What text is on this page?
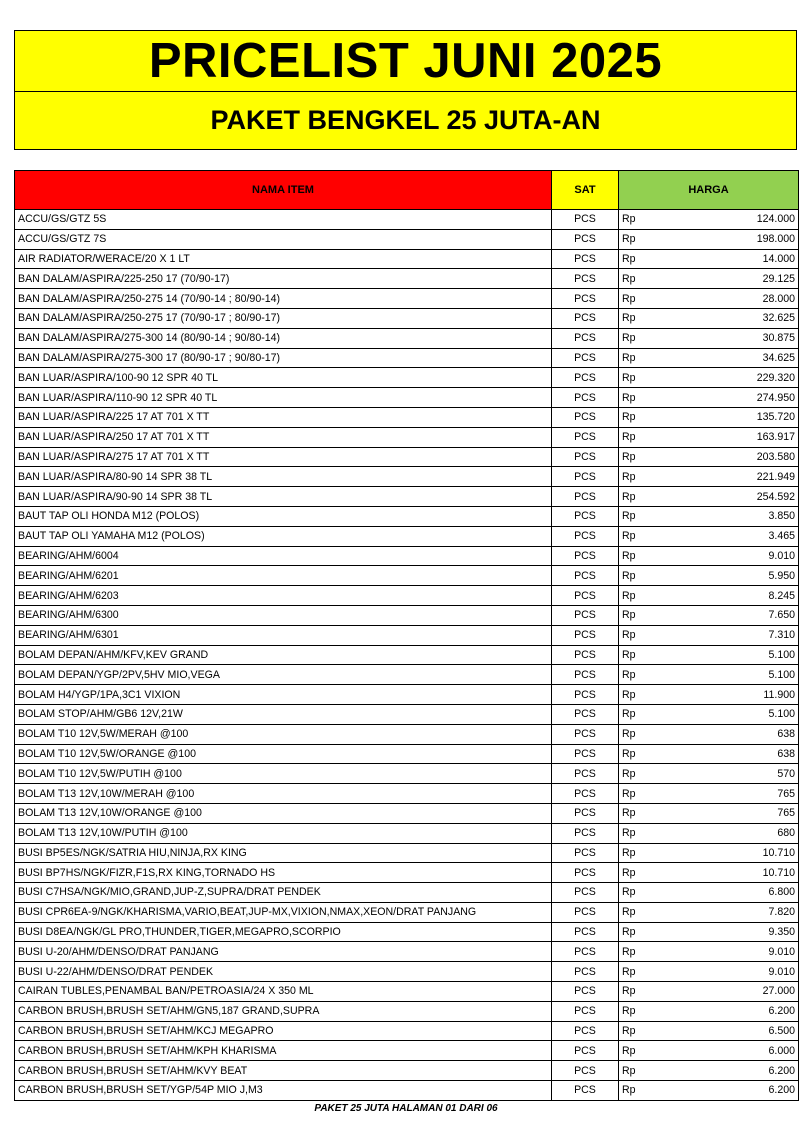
PRICELIST JUNI 2025
PAKET BENGKEL 25 JUTA-AN
NAMA ITEM	SAT	HARGA
ACCU/GS/GTZ 5S	PCS	Rp 124.000

ACCU/GS/GTZ 7S	PCS	Rp 198.000

AIR RADIATOR/WERACE/20 X 1 LT	PCS	Rp 14.000

BAN DALAM/ASPIRA/225-250 17 (70/90-17)	PCS	Rp 29.125

BAN DALAM/ASPIRA/250-275 14 (70/90-14 ; 80/90-14)	PCS	Rp 28.000

BAN DALAM/ASPIRA/250-275 17 (70/90-17 ; 80/90-17)	PCS	Rp 32.625

BAN DALAM/ASPIRA/275-300 14 (80/90-14 ; 90/80-14)	PCS	Rp 30.875

BAN DALAM/ASPIRA/275-300 17 (80/90-17 ; 90/80-17)	PCS	Rp 34.625

BAN LUAR/ASPIRA/100-90 12 SPR 40 TL	PCS	Rp 229.320

BAN LUAR/ASPIRA/110-90 12 SPR 40 TL	PCS	Rp 274.950

BAN LUAR/ASPIRA/225 17 AT 701 X TT	PCS	Rp 135.720

BAN LUAR/ASPIRA/250 17 AT 701 X TT	PCS	Rp 163.917

BAN LUAR/ASPIRA/275 17 AT 701 X TT	PCS	Rp 203.580

BAN LUAR/ASPIRA/80-90 14 SPR 38 TL	PCS	Rp 221.949

BAN LUAR/ASPIRA/90-90 14 SPR 38 TL	PCS	Rp 254.592

BAUT TAP OLI HONDA M12 (POLOS)	PCS	Rp 3.850

BAUT TAP OLI YAMAHA M12 (POLOS)	PCS	Rp 3.465

BEARING/AHM/6004	PCS	Rp 9.010

BEARING/AHM/6201	PCS	Rp 5.950

BEARING/AHM/6203	PCS	Rp 8.245

BEARING/AHM/6300	PCS	Rp 7.650

BEARING/AHM/6301	PCS	Rp 7.310

BOLAM DEPAN/AHM/KFV,KEV GRAND	PCS	Rp 5.100

BOLAM DEPAN/YGP/2PV,5HV MIO,VEGA	PCS	Rp 5.100

BOLAM H4/YGP/1PA,3C1 VIXION	PCS	Rp 11.900

BOLAM STOP/AHM/GB6 12V,21W	PCS	Rp 5.100

BOLAM T10 12V,5W/MERAH @100	PCS	Rp 638

BOLAM T10 12V,5W/ORANGE @100	PCS	Rp 638

BOLAM T10 12V,5W/PUTIH @100	PCS	Rp 570

BOLAM T13 12V,10W/MERAH @100	PCS	Rp 765

BOLAM T13 12V,10W/ORANGE @100	PCS	Rp 765

BOLAM T13 12V,10W/PUTIH @100	PCS	Rp 680

BUSI BP5ES/NGK/SATRIA HIU,NINJA,RX KING	PCS	Rp 10.710

BUSI BP7HS/NGK/FIZR,F1S,RX KING,TORNADO HS	PCS	Rp 10.710

BUSI C7HSA/NGK/MIO,GRAND,JUP-Z,SUPRA/DRAT PENDEK	PCS	Rp 6.800

BUSI CPR6EA-9/NGK/KHARISMA,VARIO,BEAT,JUP-MX,VIXION,NMAX,XEON/DRAT PANJANG	PCS	Rp 7.820

BUSI D8EA/NGK/GL PRO,THUNDER,TIGER,MEGAPRO,SCORPIO	PCS	Rp 9.350

BUSI U-20/AHM/DENSO/DRAT PANJANG	PCS	Rp 9.010

BUSI U-22/AHM/DENSO/DRAT PENDEK	PCS	Rp 9.010

CAIRAN TUBLES,PENAMBAL BAN/PETROASIA/24 X 350 ML	PCS	Rp 27.000

CARBON BRUSH,BRUSH SET/AHM/GN5,187 GRAND,SUPRA	PCS	Rp 6.200

CARBON BRUSH,BRUSH SET/AHM/KCJ MEGAPRO	PCS	Rp 6.500

CARBON BRUSH,BRUSH SET/AHM/KPH KHARISMA	PCS	Rp 6.000

CARBON BRUSH,BRUSH SET/AHM/KVY BEAT	PCS	Rp 6.200

CARBON BRUSH,BRUSH SET/YGP/54P MIO J,M3	PCS	Rp 6.200
PAKET 25 JUTA HALAMAN 01 DARI 06
